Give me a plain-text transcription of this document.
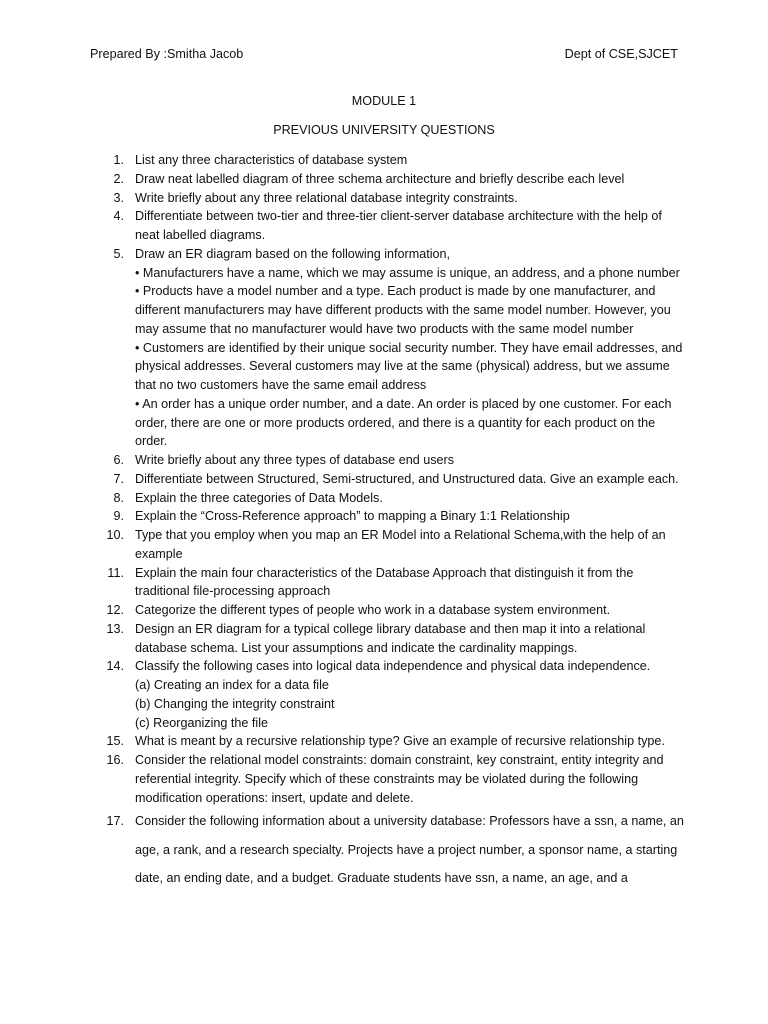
Prepared By :Smitha Jacob	Dept of CSE,SJCET
MODULE 1
PREVIOUS UNIVERSITY QUESTIONS
1. List any three characteristics of database system
2. Draw neat labelled diagram of three schema architecture and briefly describe each level
3. Write briefly about any three relational database integrity constraints.
4. Differentiate between two-tier and three-tier client-server database architecture with the help of neat labelled diagrams.
5. Draw an ER diagram based on the following information,
• Manufacturers have a name, which we may assume is unique, an address, and a phone number
• Products have a model number and a type. Each product is made by one manufacturer, and different manufacturers may have different products with the same model number. However, you may assume that no manufacturer would have two products with the same model number
• Customers are identified by their unique social security number. They have email addresses, and physical addresses. Several customers may live at the same (physical) address, but we assume that no two customers have the same email address
• An order has a unique order number, and a date. An order is placed by one customer. For each order, there are one or more products ordered, and there is a quantity for each product on the order.
6. Write briefly about any three types of database end users
7. Differentiate between Structured, Semi-structured, and Unstructured data. Give an example each.
8. Explain the three categories of Data Models.
9. Explain the “Cross-Reference approach” to mapping a Binary 1:1 Relationship
10. Type that you employ when you map an ER Model into a Relational Schema,with the help of an example
11. Explain the main four characteristics of the Database Approach that distinguish it from the traditional file-processing approach
12. Categorize the different types of people who work in a database system environment.
13. Design an ER diagram for a typical college library database and then map it into a relational database schema. List your assumptions and indicate the cardinality mappings.
14. Classify the following cases into logical data independence and physical data independence.
(a) Creating an index for a data file
(b) Changing the integrity constraint
(c) Reorganizing the file
15. What is meant by a recursive relationship type? Give an example of recursive relationship type.
16. Consider the relational model constraints: domain constraint, key constraint, entity integrity and referential integrity. Specify which of these constraints may be violated during the following modification operations: insert, update and delete.
17. Consider the following information about a university database: Professors have a ssn, a name, an age, a rank, and a research specialty. Projects have a project number, a sponsor name, a starting date, an ending date, and a budget. Graduate students have ssn, a name, an age, and a
